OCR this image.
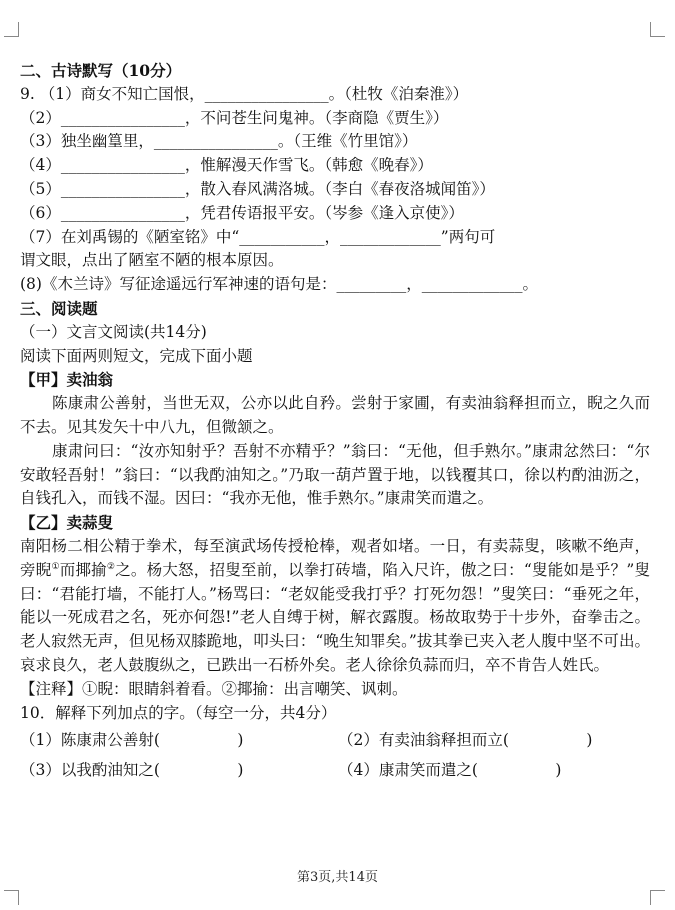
二、古诗默写（10分）
9. （1）商女不知亡国恨，________________。（杜牧《泊秦淮》）
（2）________________，不问苍生问鬼神。（李商隐《贾生》）
（3）独坐幽篁里，________________。（王维《竹里馆》）
（4）________________，惟解漫天作雪飞。（韩愈《晚春》）
（5）________________，散入春风满洛城。（李白《春夜洛城闻笛》）
（6）________________，凭君传语报平安。（岑参《逢入京使》）
（7）在刘禹锡的《陋室铭》中“___________，_____________”两句可
谓文眼，点出了陋室不陋的根本原因。
(8)《木兰诗》写征途遥远行军神速的语句是：_________，_____________。
三、阅读题
（一）文言文阅读(共14分)
阅读下面两则短文，完成下面小题
【甲】卖油翁

陈康肃公善射，当世无双，公亦以此自矜。尝射于家圃，有卖油翁释担而立，睨之久而不去。见其发矢十中八九，但微颔之。

康肃问曰：“汝亦知射乎？吾射不亦精乎？”翁曰：“无他，但手熟尔。”康肃忿然曰：“尔安敢轻吾射！”翁曰：“以我酌油知之。”乃取一葫芦置于地，以钱覆其口，徐以杓酌油沥之，自钱孔入，而钱不湿。因曰：“我亦无他，惟手熟尔。”康肃笑而遣之。

【乙】卖蒜叟

南阳杨二相公精于拳术，每至演武场传授枪棒，观者如堵。一日，有卖蒜叟，咳嗽不绝声，旁睨①而揶揄②之。杨大怒，招叟至前，以拳打砖墙，陷入尺许，傲之曰：“叟能如是乎？”叟曰：“君能打墙，不能打人。”杨骂曰：“老奴能受我打乎？打死勿怨！”叟笑曰：“垂死之年，能以一死成君之名，死亦何怨!”老人自缚于树，解衣露腹。杨故取势于十步外，奋拳击之。老人寂然无声，但见杨双膝跪地，叩头曰：“晚生知罪矣。”拔其拳已夹入老人腹中坚不可出。哀求良久，老人鼓腹纵之，已跌出一石桥外矣。老人徐徐负蒜而归，卒不肯告人姓氏。

【注释】①睨：眼睛斜着看。②揶揄：出言嘲笑、讽刺。
10．解释下列加点的字。（每空一分，共4分）
（1）陈康肃公善射(　　　　　)	（2）有卖油翁释担而立(　　　　　)
（3）以我酌油知之(　　　　　)	（4）康肃笑而遣之(　　　　　)
第3页,共14页
